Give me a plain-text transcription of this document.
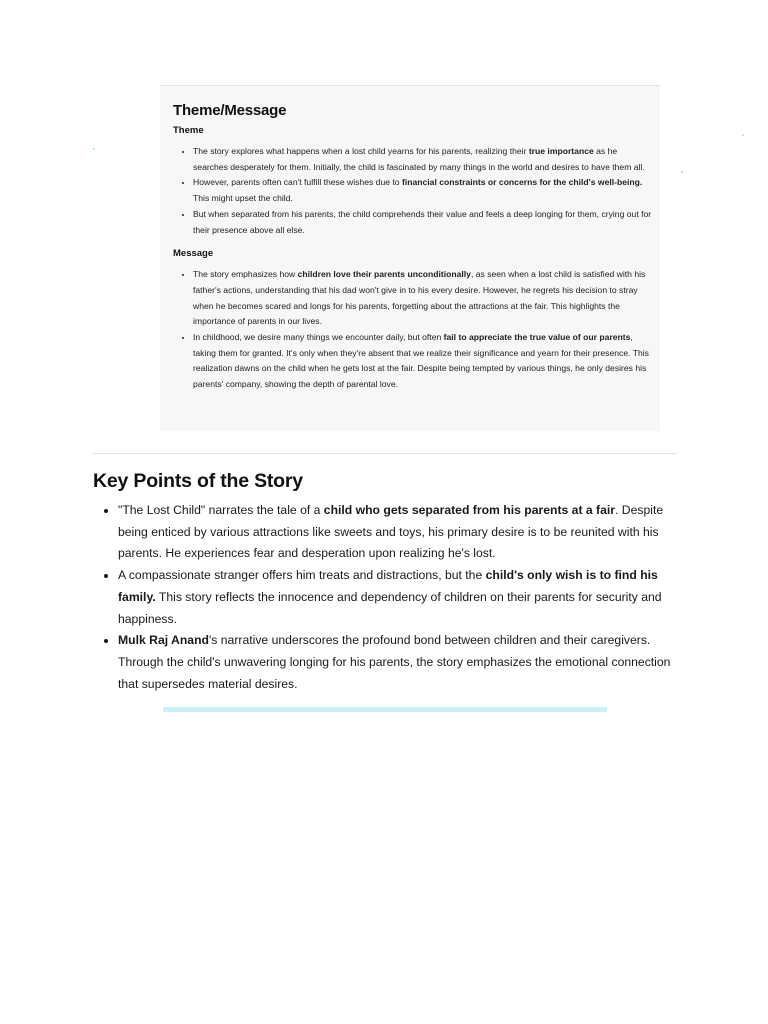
Theme/Message
Theme
• The story explores what happens when a lost child yearns for his parents, realizing their true importance as he searches desperately for them. Initially, the child is fascinated by many things in the world and desires to have them all.
• However, parents often can't fulfill these wishes due to financial constraints or concerns for the child's well-being. This might upset the child.
• But when separated from his parents, the child comprehends their value and feels a deep longing for them, crying out for their presence above all else.
Message
• The story emphasizes how children love their parents unconditionally, as seen when a lost child is satisfied with his father's actions, understanding that his dad won't give in to his every desire. However, he regrets his decision to stray when he becomes scared and longs for his parents, forgetting about the attractions at the fair. This highlights the importance of parents in our lives.
• In childhood, we desire many things we encounter daily, but often fail to appreciate the true value of our parents, taking them for granted. It's only when they're absent that we realize their significance and yearn for their presence. This realization dawns on the child when he gets lost at the fair. Despite being tempted by various things, he only desires his parents' company, showing the depth of parental love.
Key Points of the Story
• "The Lost Child" narrates the tale of a child who gets separated from his parents at a fair. Despite being enticed by various attractions like sweets and toys, his primary desire is to be reunited with his parents. He experiences fear and desperation upon realizing he's lost.
• A compassionate stranger offers him treats and distractions, but the child's only wish is to find his family. This story reflects the innocence and dependency of children on their parents for security and happiness.
• Mulk Raj Anand's narrative underscores the profound bond between children and their caregivers. Through the child's unwavering longing for his parents, the story emphasizes the emotional connection that supersedes material desires.
